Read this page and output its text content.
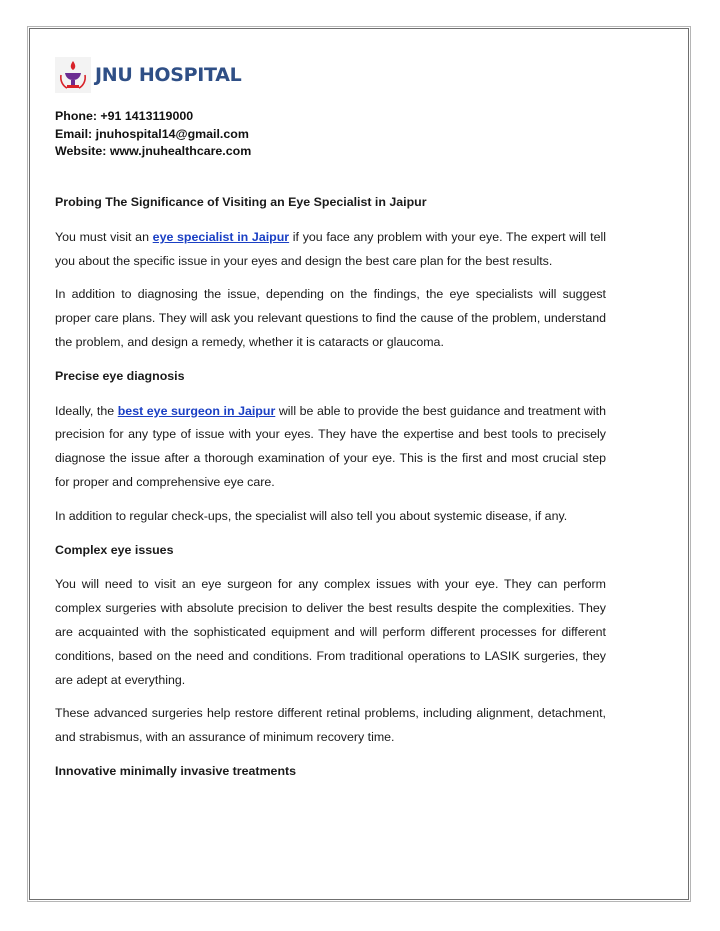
JNU HOSPITAL
Phone: +91 1413119000
Email: jnuhospital14@gmail.com
Website: www.jnuhealthcare.com

Probing The Significance of Visiting an Eye Specialist in Jaipur

You must visit an eye specialist in Jaipur if you face any problem with your eye. The expert will tell you about the specific issue in your eyes and design the best care plan for the best results.

In addition to diagnosing the issue, depending on the findings, the eye specialists will suggest proper care plans. They will ask you relevant questions to find the cause of the problem, understand the problem, and design a remedy, whether it is cataracts or glaucoma.

Precise eye diagnosis

Ideally, the best eye surgeon in Jaipur will be able to provide the best guidance and treatment with precision for any type of issue with your eyes. They have the expertise and best tools to precisely diagnose the issue after a thorough examination of your eye. This is the first and most crucial step for proper and comprehensive eye care.

In addition to regular check-ups, the specialist will also tell you about systemic disease, if any.

Complex eye issues

You will need to visit an eye surgeon for any complex issues with your eye. They can perform complex surgeries with absolute precision to deliver the best results despite the complexities. They are acquainted with the sophisticated equipment and will perform different processes for different conditions, based on the need and conditions. From traditional operations to LASIK surgeries, they are adept at everything.

These advanced surgeries help restore different retinal problems, including alignment, detachment, and strabismus, with an assurance of minimum recovery time.

Innovative minimally invasive treatments
